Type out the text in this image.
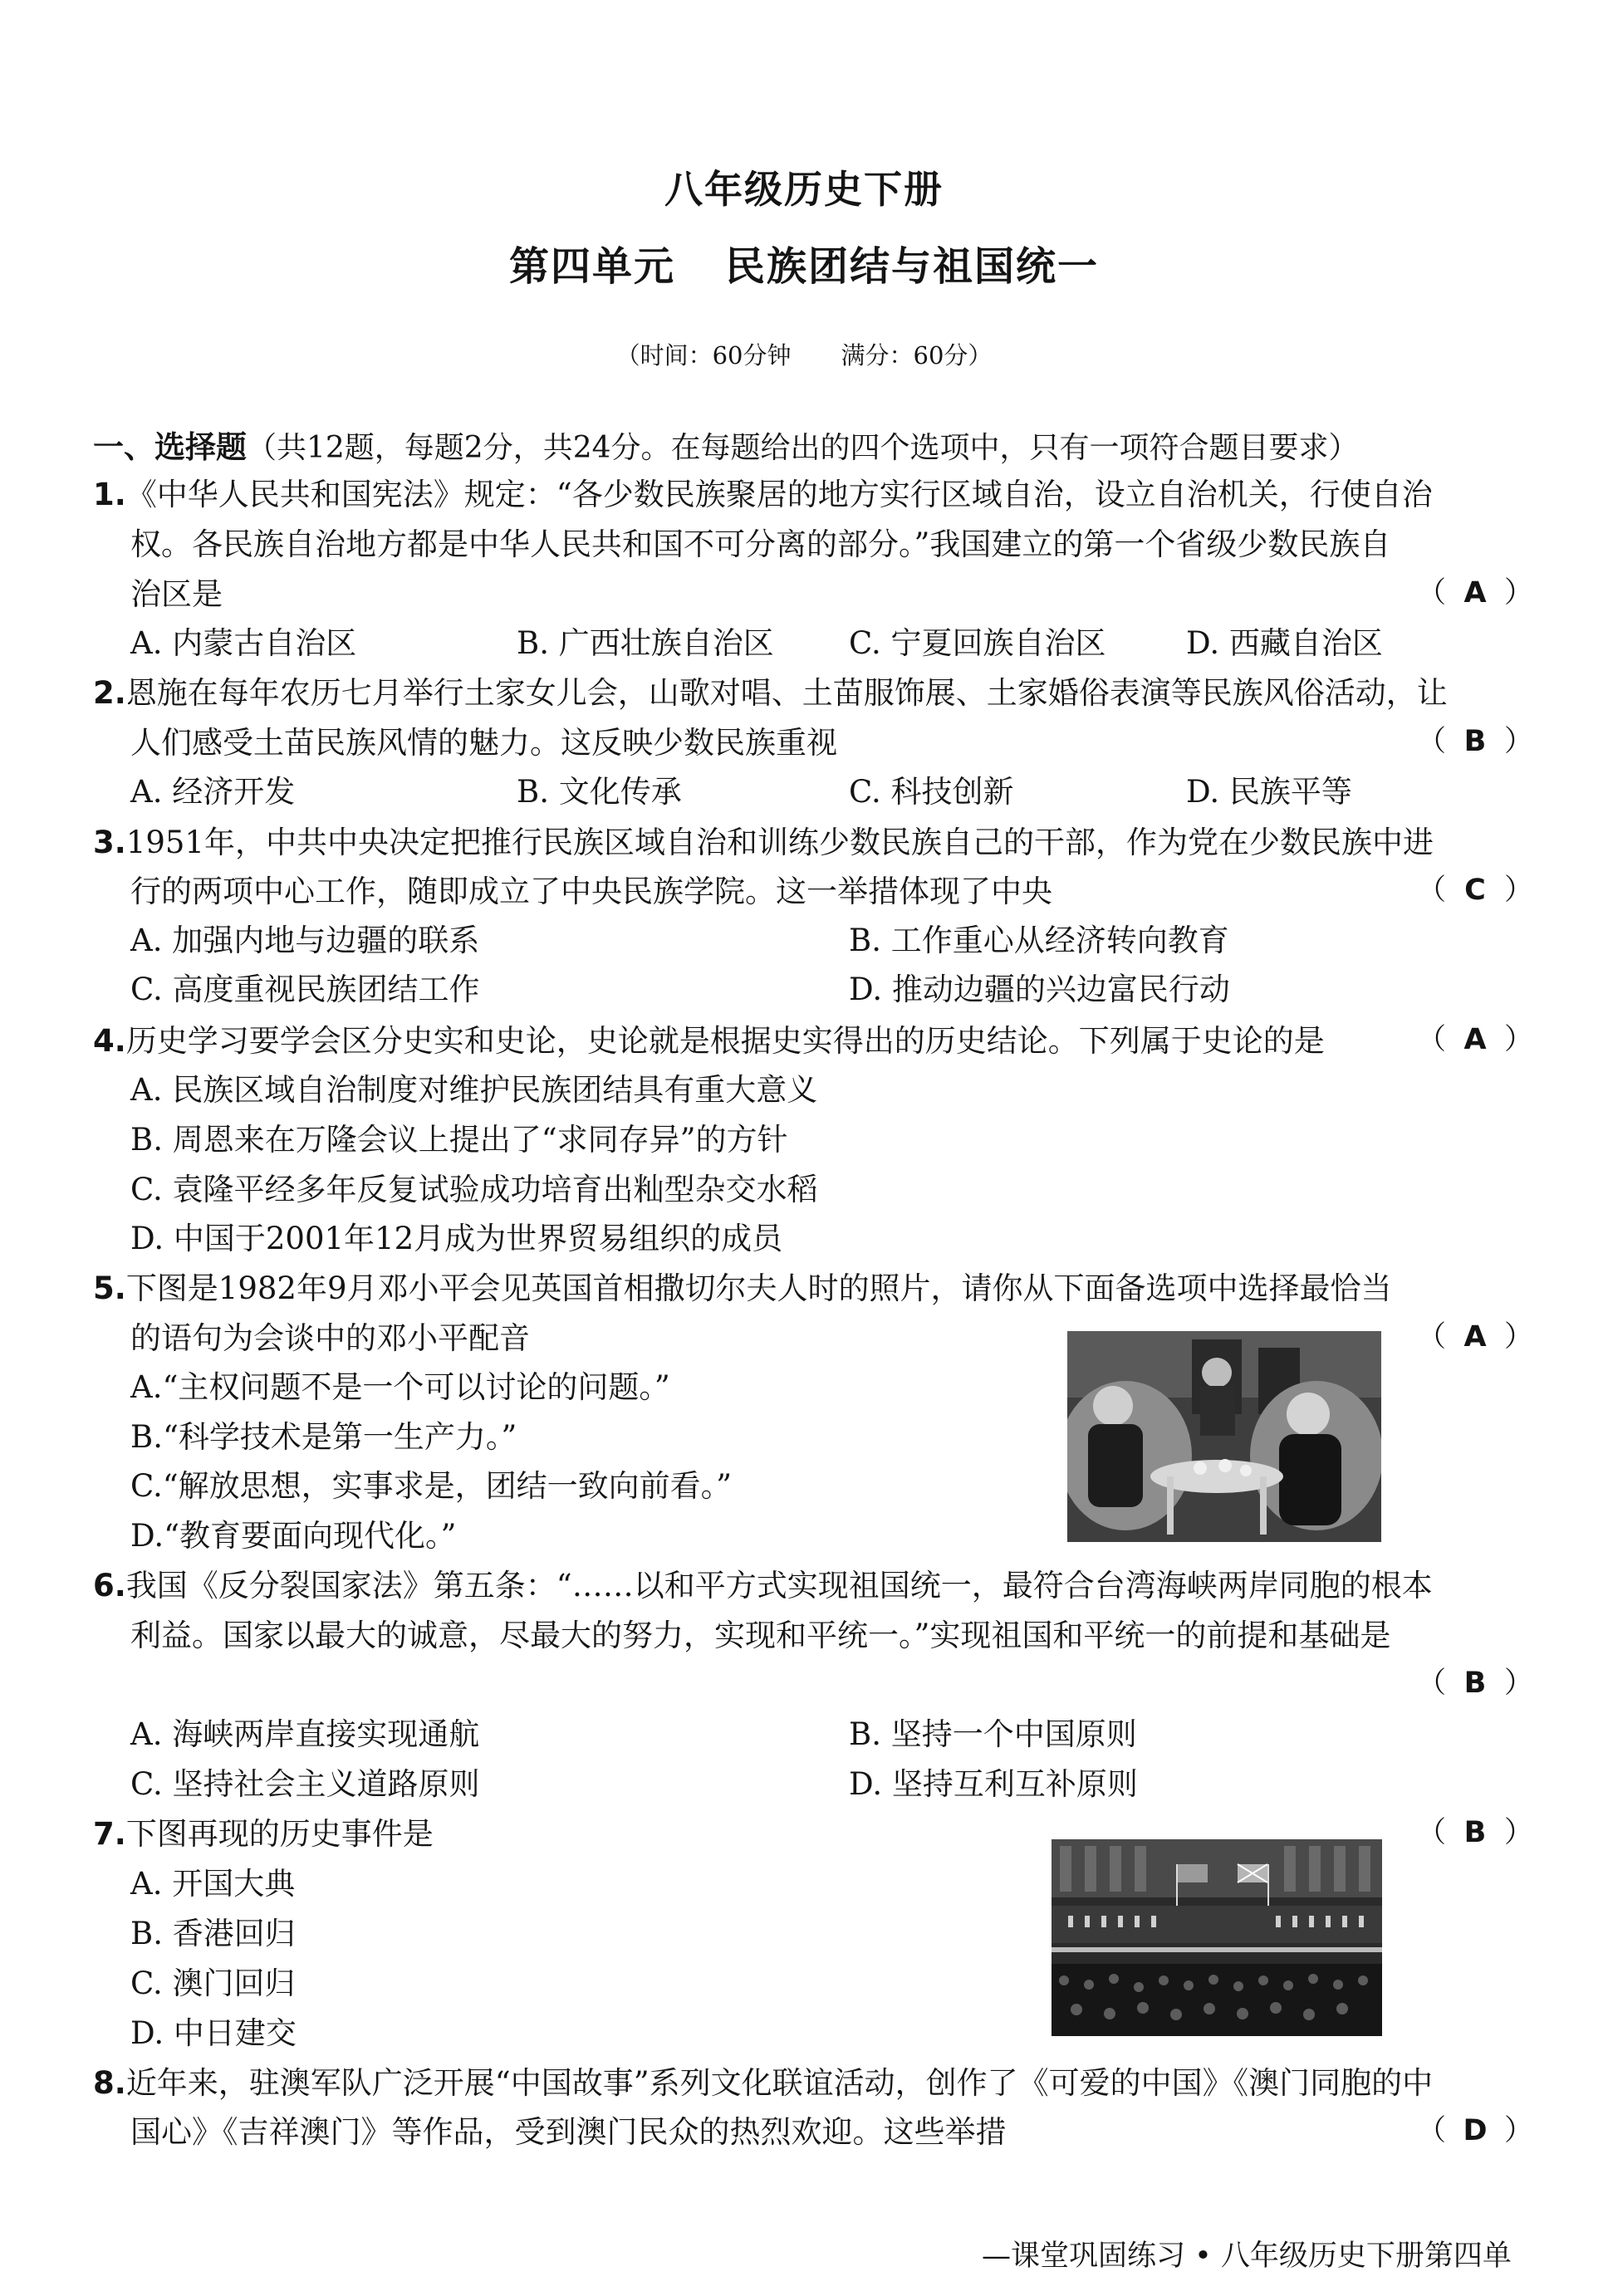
八年级历史下册
第四单元 民族团结与祖国统一
（时间：60分钟 满分：60分）
一、选择题（共12题，每题2分，共24分。在每题给出的四个选项中，只有一项符合题目要求）
1.《中华人民共和国宪法》规定：“各少数民族聚居的地方实行区域自治，设立自治机关，行使自治
权。各民族自治地方都是中华人民共和国不可分离的部分。”我国建立的第一个省级少数民族自
治区是	（ A ）
A. 内蒙古自治区	B. 广西壮族自治区 C. 宁夏回族自治区	D. 西藏自治区
2.恩施在每年农历七月举行土家女儿会，山歌对唱、土苗服饰展、土家婚俗表演等民族风俗活动，让
人们感受土苗民族风情的魅力。这反映少数民族重视	（ B ）
A. 经济开发	B. 文化传承	C. 科技创新	D. 民族平等
3.1951年，中共中央决定把推行民族区域自治和训练少数民族自己的干部，作为党在少数民族中进
行的两项中心工作，随即成立了中央民族学院。这一举措体现了中央	（ C ）
A. 加强内地与边疆的联系	B. 工作重心从经济转向教育
C. 高度重视民族团结工作	D. 推动边疆的兴边富民行动
4.历史学习要学会区分史实和史论，史论就是根据史实得出的历史结论。下列属于史论的是	（ A ）
A. 民族区域自治制度对维护民族团结具有重大意义
B. 周恩来在万隆会议上提出了“求同存异”的方针
C. 袁隆平经多年反复试验成功培育出籼型杂交水稻
D. 中国于2001年12月成为世界贸易组织的成员
5.下图是1982年9月邓小平会见英国首相撒切尔夫人时的照片，请你从下面备选项中选择最恰当
的语句为会谈中的邓小平配音	（ A ）
A.“主权问题不是一个可以讨论的问题。”
B.“科学技术是第一生产力。”
C.“解放思想，实事求是，团结一致向前看。”
D.“教育要面向现代化。”
6.我国《反分裂国家法》第五条：“……以和平方式实现祖国统一，最符合台湾海峡两岸同胞的根本
利益。国家以最大的诚意，尽最大的努力，实现和平统一。”实现祖国和平统一的前提和基础是
（ B ）
A. 海峡两岸直接实现通航	B. 坚持一个中国原则
C. 坚持社会主义道路原则	D. 坚持互利互补原则
7.下图再现的历史事件是	（ B ）
A. 开国大典
B. 香港回归
C. 澳门回归
D. 中日建交
8.近年来，驻澳军队广泛开展“中国故事”系列文化联谊活动，创作了《可爱的中国》《澳门同胞的中
国心》《吉祥澳门》等作品，受到澳门民众的热烈欢迎。这些举措	（ D ）
—课堂巩固练习 • 八年级历史下册第四单
